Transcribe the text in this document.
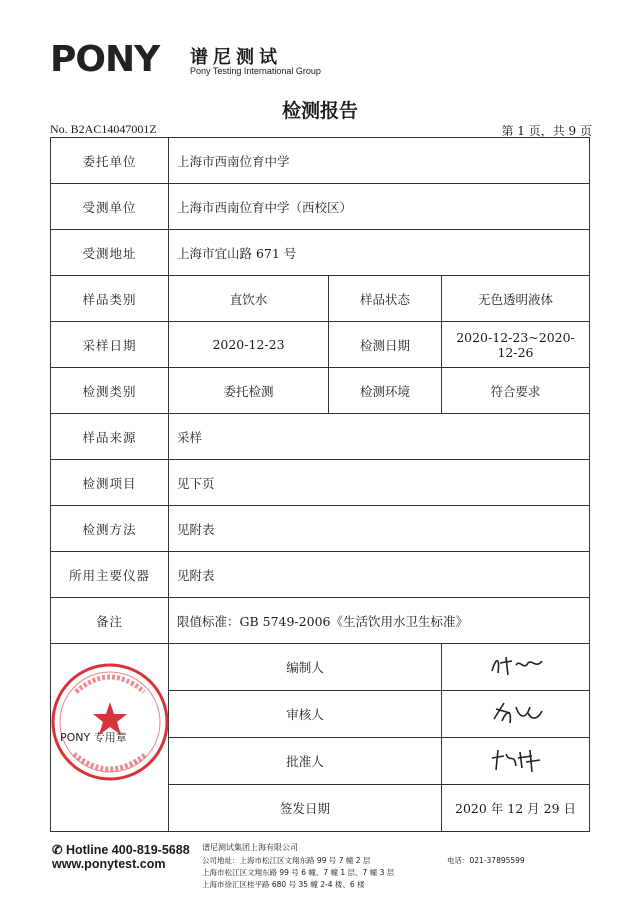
PONY 谱尼测试
Pony Testing International Group
检测报告
No. B2AC14047001Z	第 1 页，共 9 页
委托单位	上海市西南位育中学		
受测单位	上海市西南位育中学（西校区）		
受测地址	上海市宜山路 671 号		
样品类别	直饮水	样品状态	无色透明液体
采样日期	2020-12-23	检测日期	2020-12-23~2020-12-26
检测类别	委托检测	检测环境	符合要求
样品来源	采样		
检测项目	见下页		
检测方法	见附表		
所用主要仪器	见附表		
备注	限值标准：GB 5749-2006《生活饮用水卫生标准》		
	编制人	
	审核人	
	批准人	
	签发日期		2020 年 12 月 29 日
PONY 专用章
✆ Hotline 400-819-5688
www.ponytest.com
谱尼测试集团上海有限公司
公司地址：上海市松江区文翔东路 99 号 7 幢 2 层	电话：021-37895599
上海市松江区文翔东路 99 号 6 幢、7 幢 1 层、7 幢 3 层
上海市徐汇区桂平路 680 号 35 幢 2-4 楼、6 楼
